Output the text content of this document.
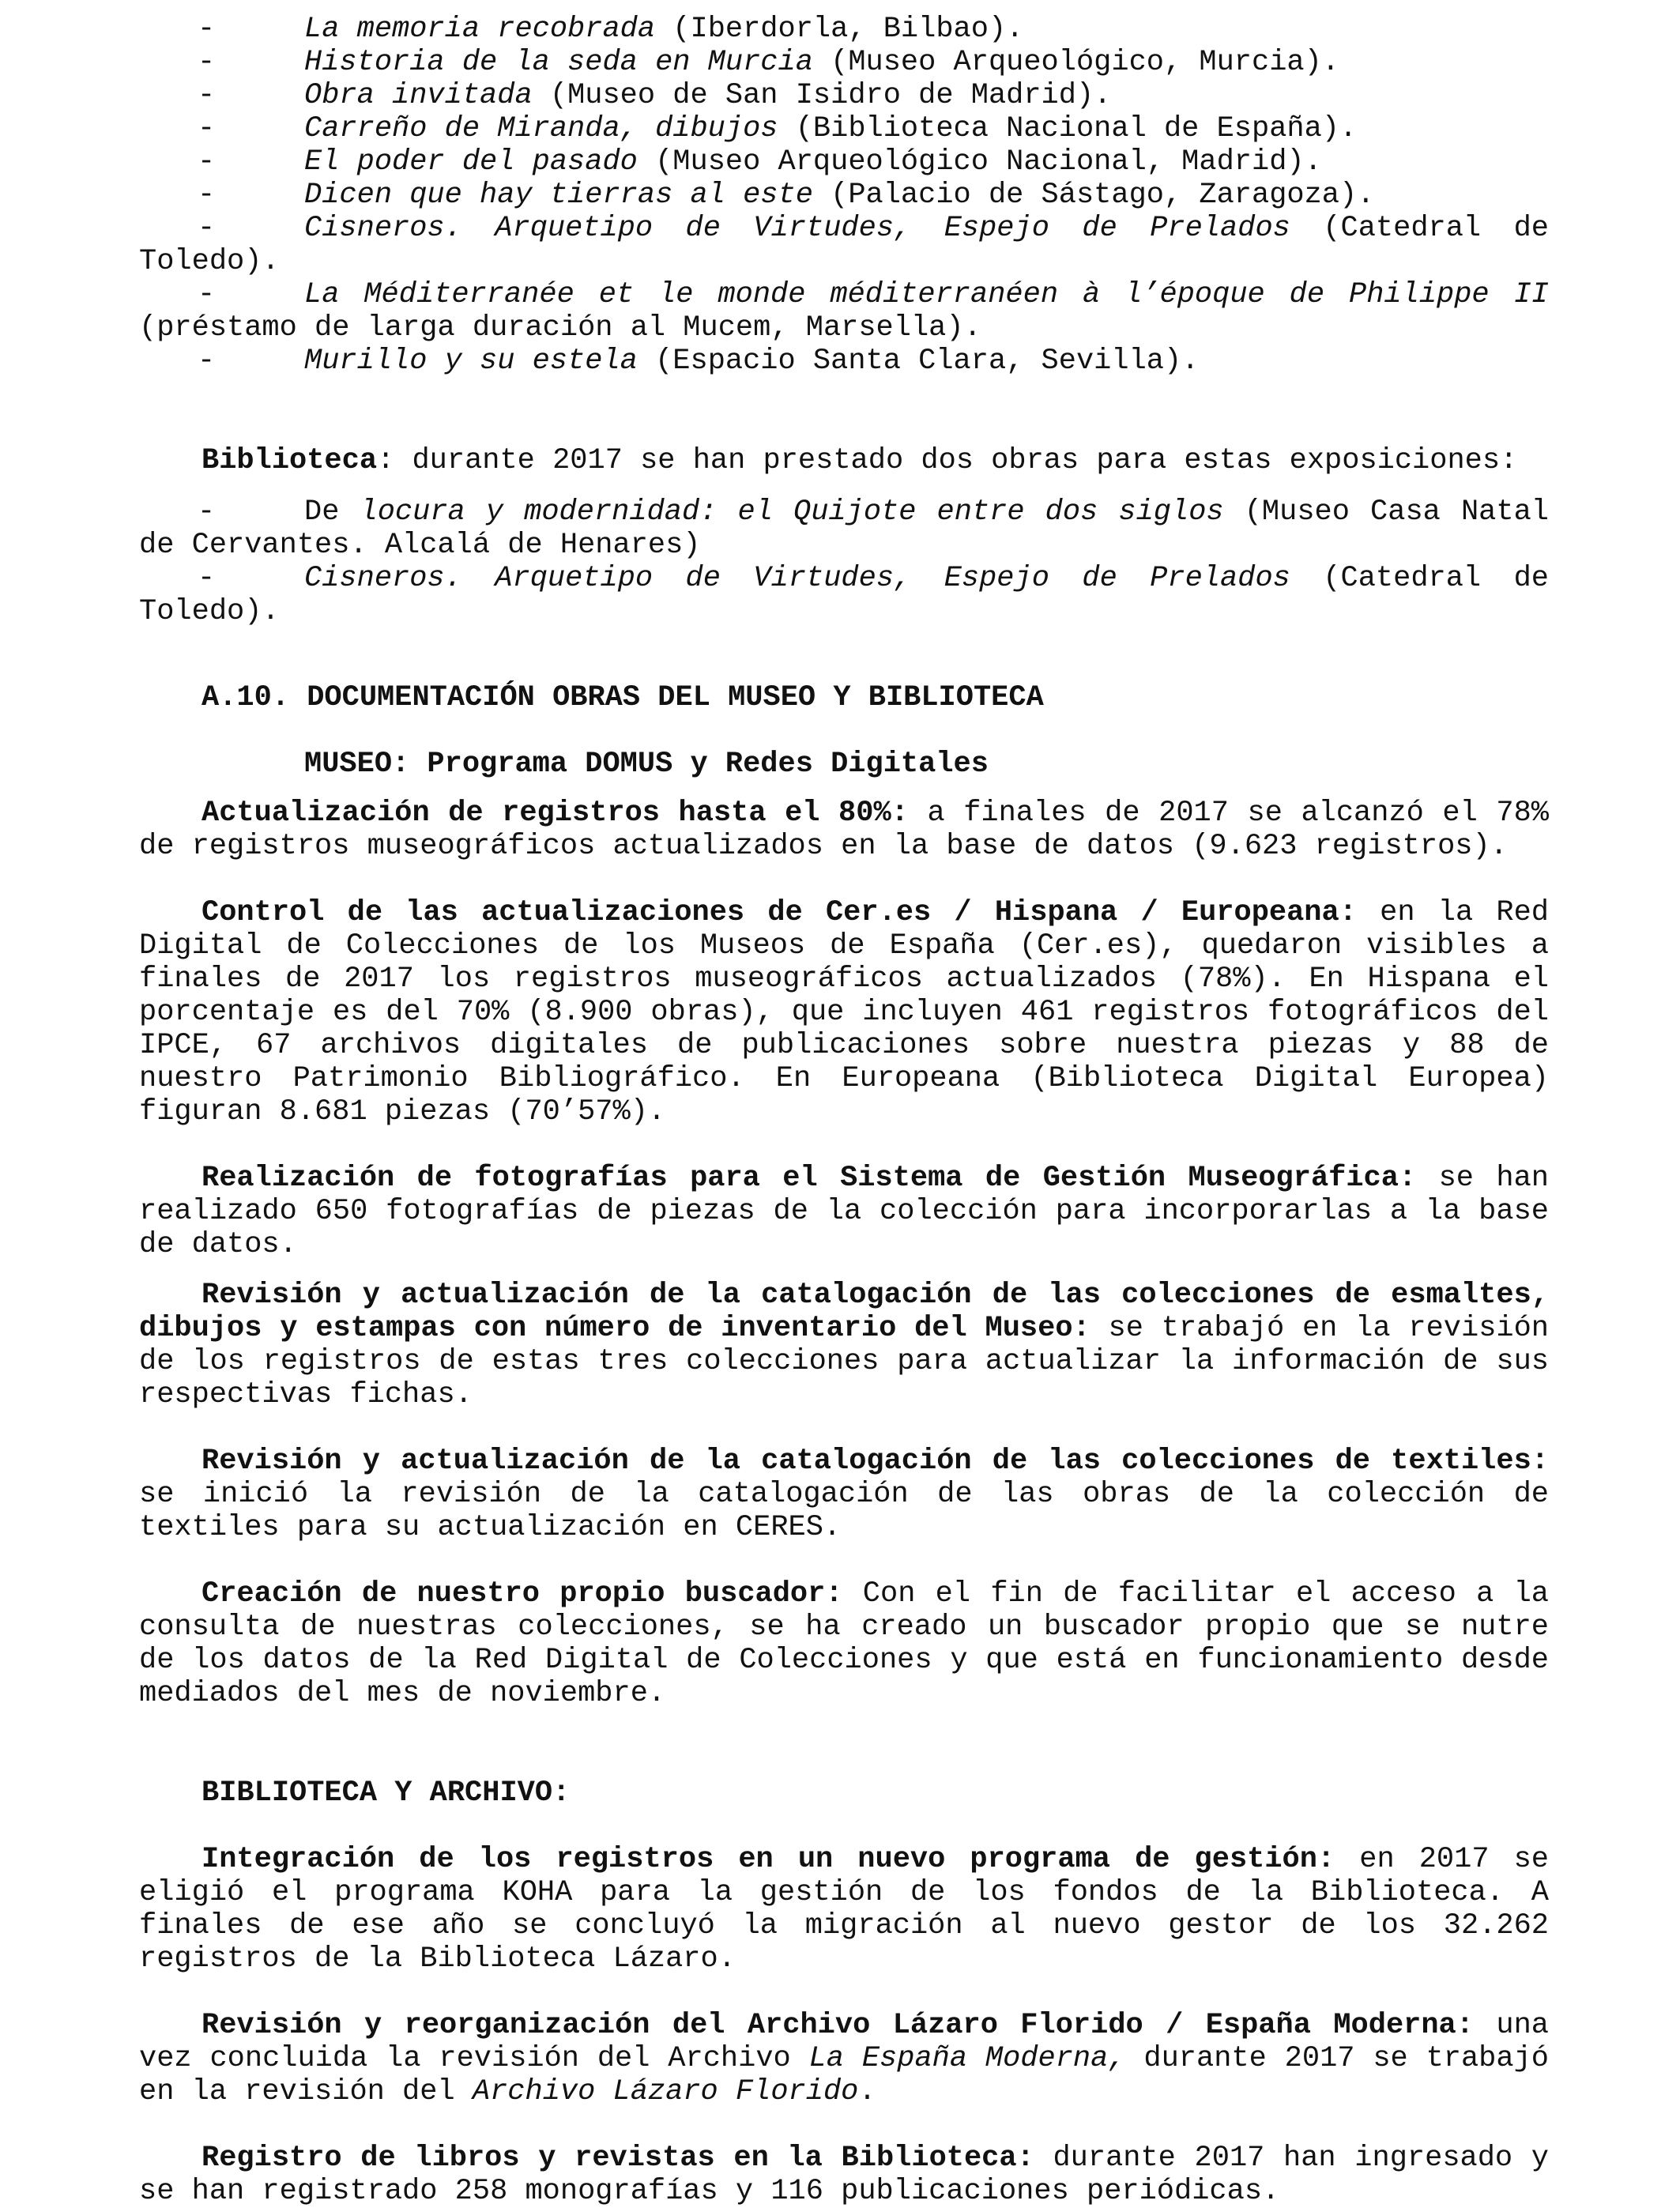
-	La memoria recobrada (Iberdorla, Bilbao).
-	Historia de la seda en Murcia (Museo Arqueológico, Murcia).
-	Obra invitada (Museo de San Isidro de Madrid).
-	Carreño de Miranda, dibujos (Biblioteca Nacional de España).
-	El poder del pasado (Museo Arqueológico Nacional, Madrid).
-	Dicen que hay tierras al este (Palacio de Sástago, Zaragoza).
-	Cisneros. Arquetipo de Virtudes, Espejo de Prelados (Catedral de Toledo).
-	La Méditerranée et le monde méditerranéen à l’époque de Philippe II (préstamo de larga duración al Mucem, Marsella).
-	Murillo y su estela (Espacio Santa Clara, Sevilla).

Biblioteca: durante 2017 se han prestado dos obras para estas exposiciones:

-	De locura y modernidad: el Quijote entre dos siglos (Museo Casa Natal de Cervantes. Alcalá de Henares)
-	Cisneros. Arquetipo de Virtudes, Espejo de Prelados (Catedral de Toledo).

A.10. DOCUMENTACIÓN OBRAS DEL MUSEO Y BIBLIOTECA

MUSEO: Programa DOMUS y Redes Digitales

Actualización de registros hasta el 80%: a finales de 2017 se alcanzó el 78% de registros museográficos actualizados en la base de datos (9.623 registros).

Control de las actualizaciones de Cer.es / Hispana / Europeana: en la Red Digital de Colecciones de los Museos de España (Cer.es), quedaron visibles a finales de 2017 los registros museográficos actualizados (78%). En Hispana el porcentaje es del 70% (8.900 obras), que incluyen 461 registros fotográficos del IPCE, 67 archivos digitales de publicaciones sobre nuestra piezas y 88 de nuestro Patrimonio Bibliográfico. En Europeana (Biblioteca Digital Europea) figuran 8.681 piezas (70’57%).

Realización de fotografías para el Sistema de Gestión Museográfica: se han realizado 650 fotografías de piezas de la colección para incorporarlas a la base de datos.

Revisión y actualización de la catalogación de las colecciones de esmaltes, dibujos y estampas con número de inventario del Museo: se trabajó en la revisión de los registros de estas tres colecciones para actualizar la información de sus respectivas fichas.

Revisión y actualización de la catalogación de las colecciones de textiles: se inició la revisión de la catalogación de las obras de la colección de textiles para su actualización en CERES.

Creación de nuestro propio buscador: Con el fin de facilitar el acceso a la consulta de nuestras colecciones, se ha creado un buscador propio que se nutre de los datos de la Red Digital de Colecciones y que está en funcionamiento desde mediados del mes de noviembre.

BIBLIOTECA Y ARCHIVO:

Integración de los registros en un nuevo programa de gestión: en 2017 se eligió el programa KOHA para la gestión de los fondos de la Biblioteca. A finales de ese año se concluyó la migración al nuevo gestor de los 32.262 registros de la Biblioteca Lázaro.

Revisión y reorganización del Archivo Lázaro Florido / España Moderna: una vez concluida la revisión del Archivo La España Moderna, durante 2017 se trabajó en la revisión del Archivo Lázaro Florido.

Registro de libros y revistas en la Biblioteca: durante 2017 han ingresado y se han registrado 258 monografías y 116 publicaciones periódicas.
